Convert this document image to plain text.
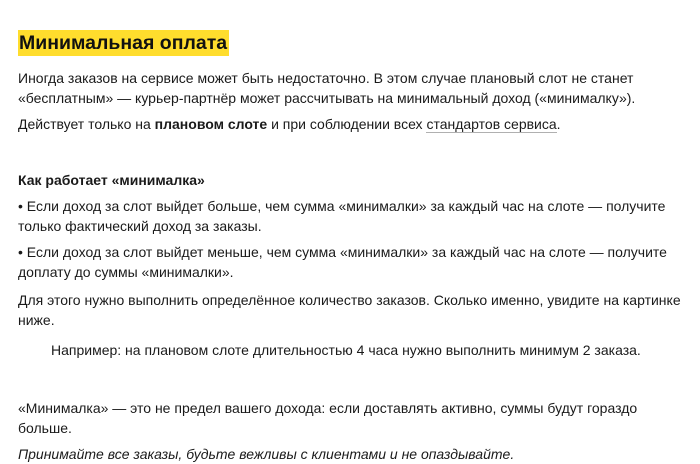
Минимальная оплата

Иногда заказов на сервисе может быть недостаточно. В этом случае плановый слот не станет «бесплатным» — курьер-партнёр может рассчитывать на минимальный доход («минималку»).

Действует только на плановом слоте и при соблюдении всех стандартов сервиса.

Как работает «минималка»

• Если доход за слот выйдет больше, чем сумма «минималки» за каждый час на слоте — получите только фактический доход за заказы.

• Если доход за слот выйдет меньше, чем сумма «минималки» за каждый час на слоте — получите доплату до суммы «минималки».

Для этого нужно выполнить определённое количество заказов. Сколько именно, увидите на картинке ниже.

Например: на плановом слоте длительностью 4 часа нужно выполнить минимум 2 заказа.

«Минималка» — это не предел вашего дохода: если доставлять активно, суммы будут гораздо больше.

Принимайте все заказы, будьте вежливы с клиентами и не опаздывайте.
